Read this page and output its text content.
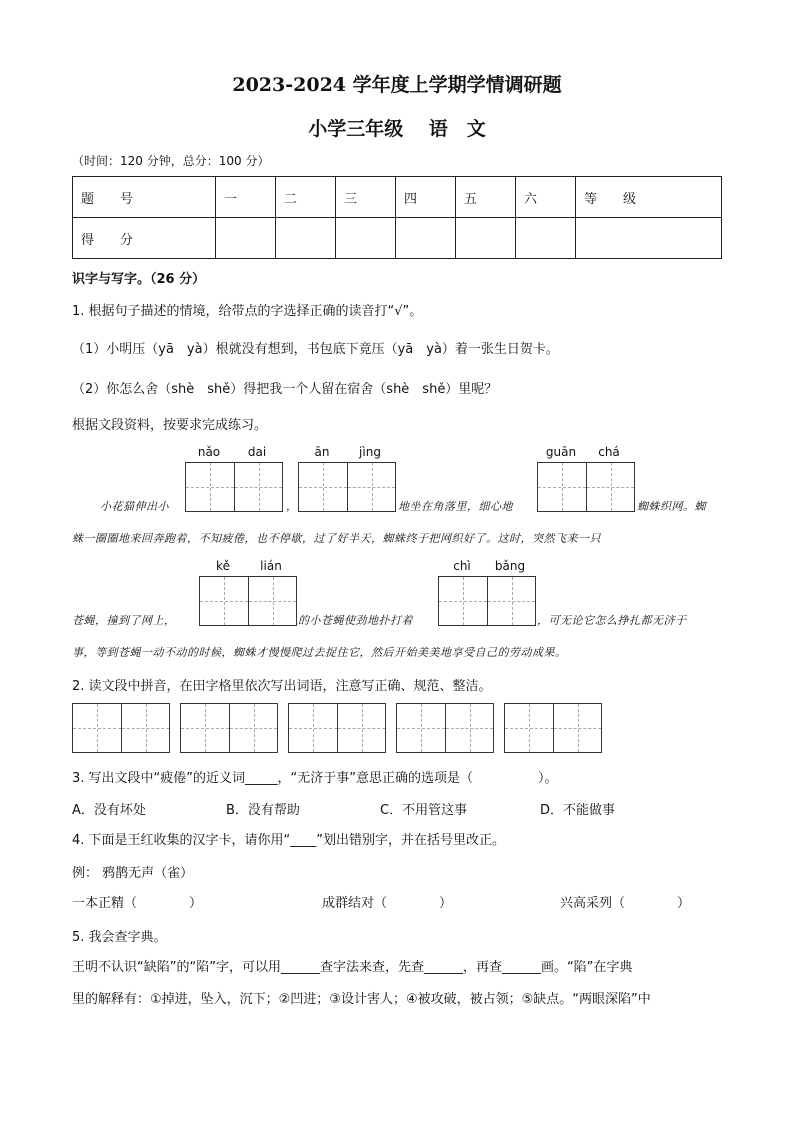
2023-2024 学年度上学期学情调研题
小学三年级　 语　文
（时间：120 分钟，总分：100 分）
题　　号	一	二	三	四	五	六	等　　级
得　　分							
识字与写字。（26 分）
1. 根据句子描述的情境，给带点的字选择正确的读音打“√”。
（1）小明压（yā　yà）根就没有想到，书包底下竟压（yā　yà）着一张生日贺卡。
（2）你怎么舍（shè　shě）得把我一个人留在宿舍（shè　shě）里呢？
根据文段资料，按要求完成练习。
nǎo	dai	ān	jìng	guān	chá
小花猫伸出小	，	地坐在角落里，细心地	蜘蛛织网。蜘
蛛一圈圈地来回奔跑着，不知疲倦，也不停歇，过了好半天，蜘蛛终于把网织好了。这时，突然飞来一只
kě	lián	chì	bǎng
苍蝇，撞到了网上，	的小苍蝇使劲地扑打着	，可无论它怎么挣扎都无济于
事，等到苍蝇一动不动的时候，蜘蛛才慢慢爬过去捉住它，然后开始美美地享受自己的劳动成果。
2. 读文段中拼音，在田字格里依次写出词语，注意写正确、规范、整洁。
3. 写出文段中“疲倦”的近义词_____，“无济于事”意思正确的选项是（　　　　　）。
A．没有坏处	B．没有帮助	C．不用管这事	D．不能做事
4. 下面是王红收集的汉字卡，请你用“____”划出错别字，并在括号里改正。
例： 鸦鹊无声（雀）
一本正精（　　　　）	成群结对（　　　　）	兴高采列（　　　　）
5. 我会查字典。
王明不认识“缺陷”的“陷”字，可以用______查字法来查，先查______，再查______画。“陷”在字典
里的解释有：①掉进，坠入，沉下；②凹进；③设计害人；④被攻破，被占领；⑤缺点。“两眼深陷”中
